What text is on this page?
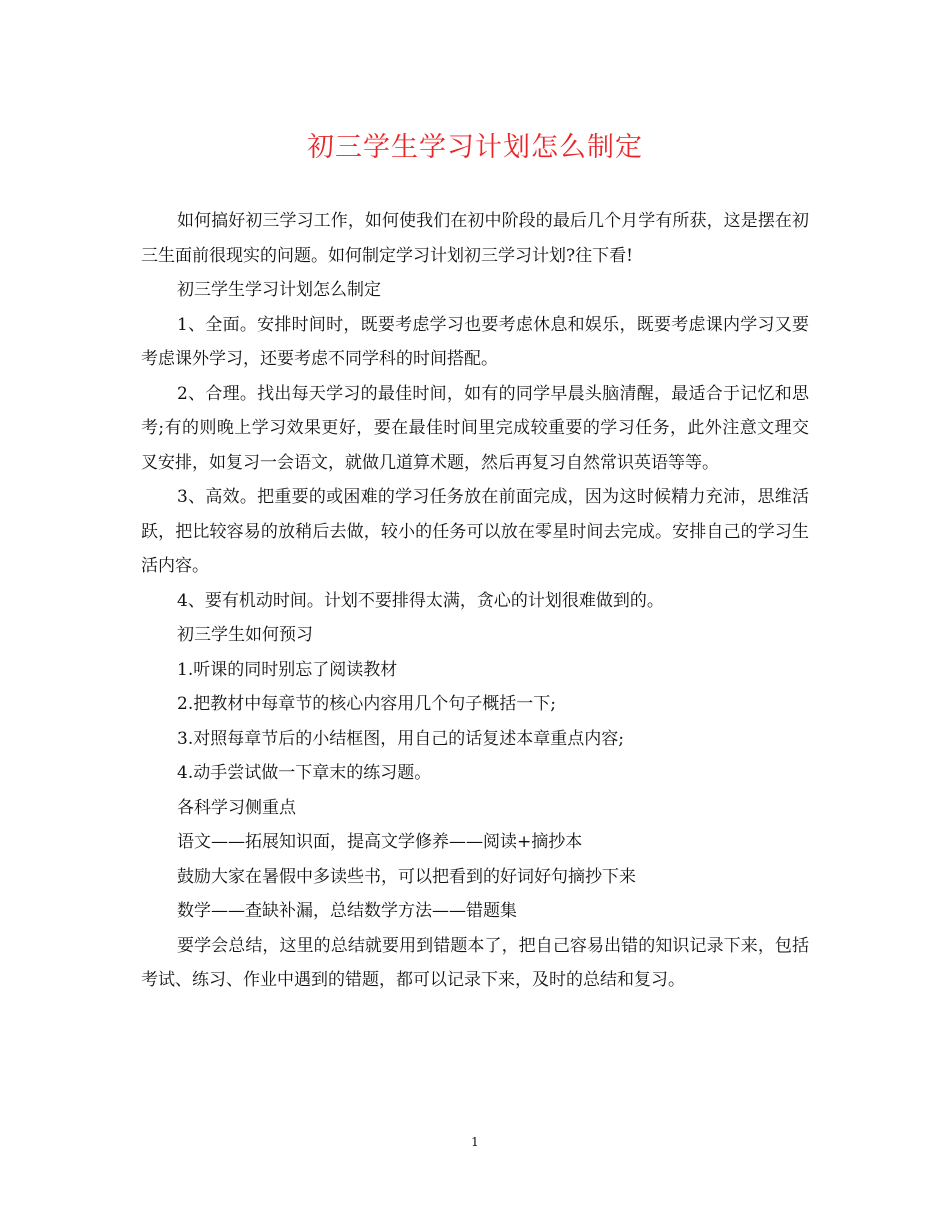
初三学生学习计划怎么制定

如何搞好初三学习工作，如何使我们在初中阶段的最后几个月学有所获，这是摆在初三生面前很现实的问题。如何制定学习计划初三学习计划?往下看!

初三学生学习计划怎么制定

1、全面。安排时间时，既要考虑学习也要考虑休息和娱乐，既要考虑课内学习又要考虑课外学习，还要考虑不同学科的时间搭配。

2、合理。找出每天学习的最佳时间，如有的同学早晨头脑清醒，最适合于记忆和思考;有的则晚上学习效果更好，要在最佳时间里完成较重要的学习任务，此外注意文理交叉安排，如复习一会语文，就做几道算术题，然后再复习自然常识英语等等。

3、高效。把重要的或困难的学习任务放在前面完成，因为这时候精力充沛，思维活跃，把比较容易的放稍后去做，较小的任务可以放在零星时间去完成。安排自己的学习生活内容。

4、要有机动时间。计划不要排得太满，贪心的计划很难做到的。

初三学生如何预习

1.听课的同时别忘了阅读教材

2.把教材中每章节的核心内容用几个句子概括一下;

3.对照每章节后的小结框图，用自己的话复述本章重点内容;

4.动手尝试做一下章末的练习题。

各科学习侧重点

语文——拓展知识面，提高文学修养——阅读+摘抄本

鼓励大家在暑假中多读些书，可以把看到的好词好句摘抄下来

数学——查缺补漏，总结数学方法——错题集

要学会总结，这里的总结就要用到错题本了，把自己容易出错的知识记录下来，包括考试、练习、作业中遇到的错题，都可以记录下来，及时的总结和复习。

1
